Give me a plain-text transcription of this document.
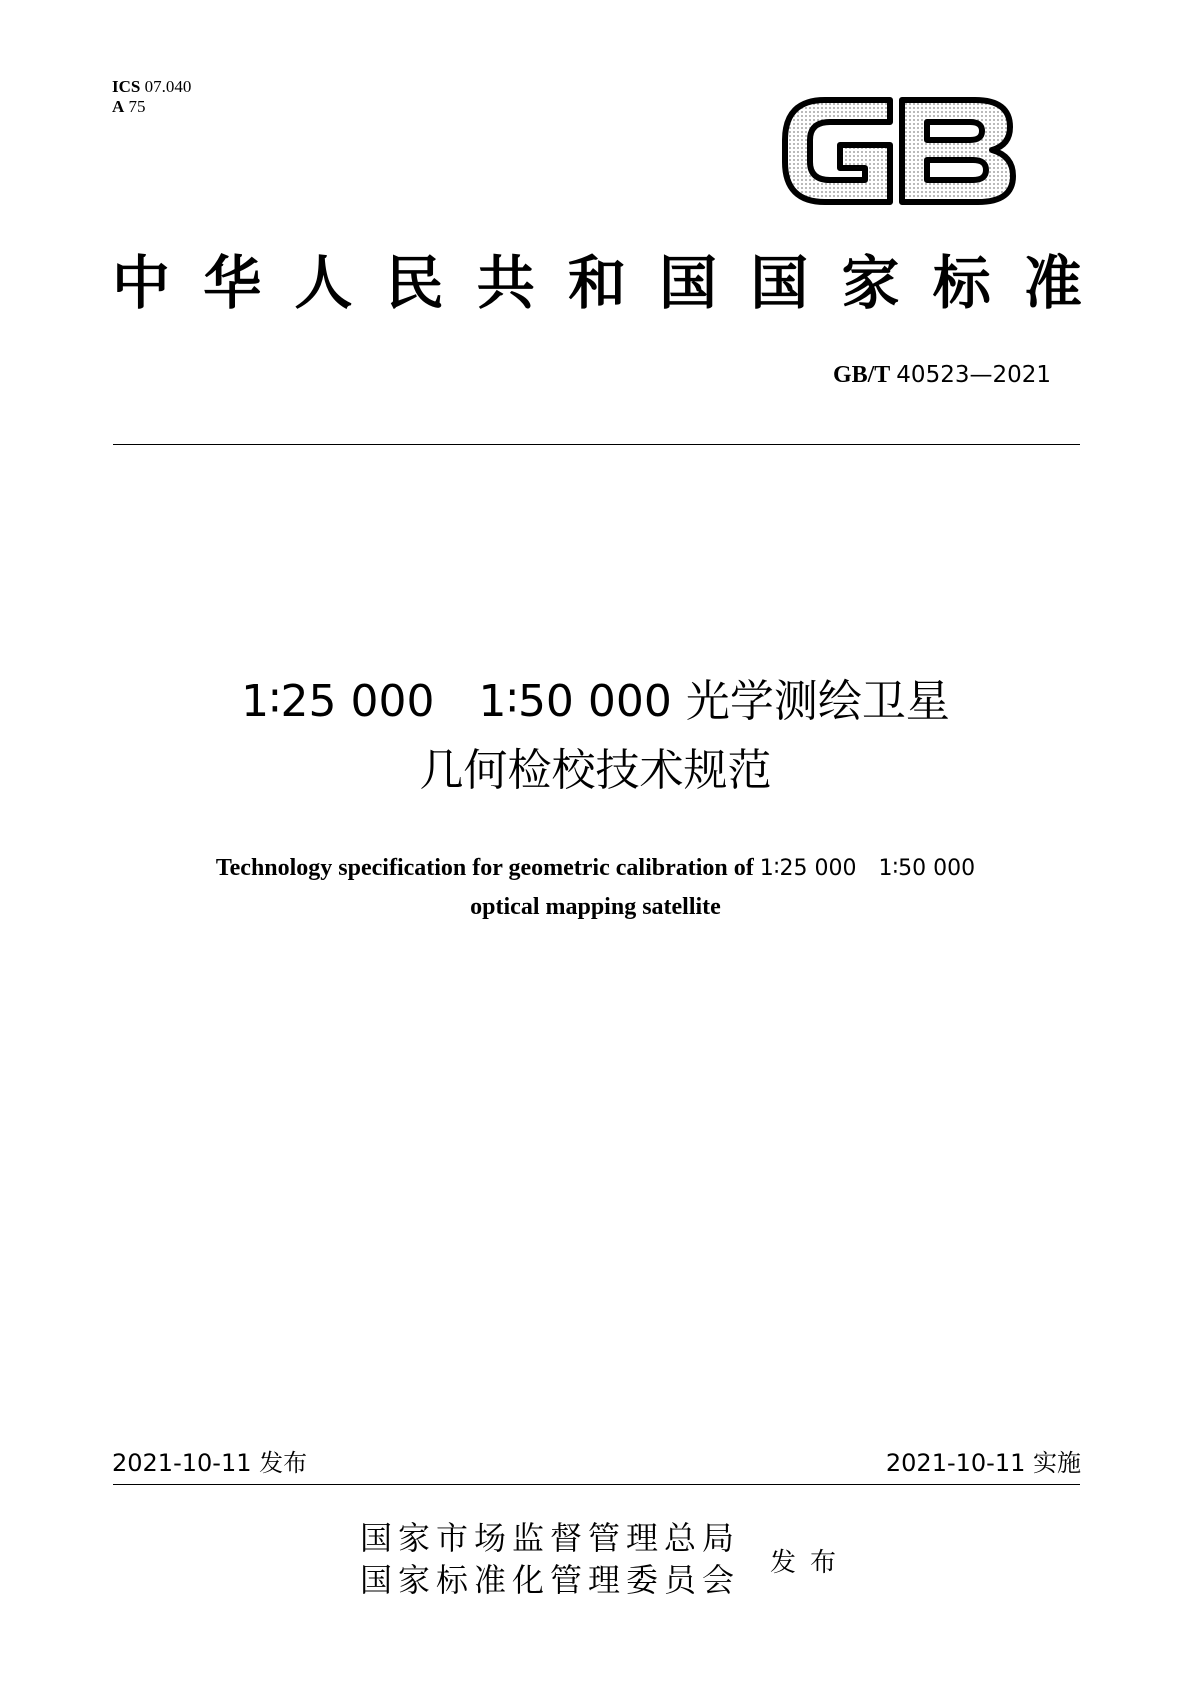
ICS 07.040
A 75
中 华 人 民 共 和 国 国 家 标 准
GB/T 40523—2021
1∶25 000　1∶50 000 光学测绘卫星
几何检校技术规范
Technology specification for geometric calibration of 1∶25 000　1∶50 000
optical mapping satellite
2021-10-11 发布	2021-10-11 实施
国家市场监督管理总局
国家标准化管理委员会 发布
